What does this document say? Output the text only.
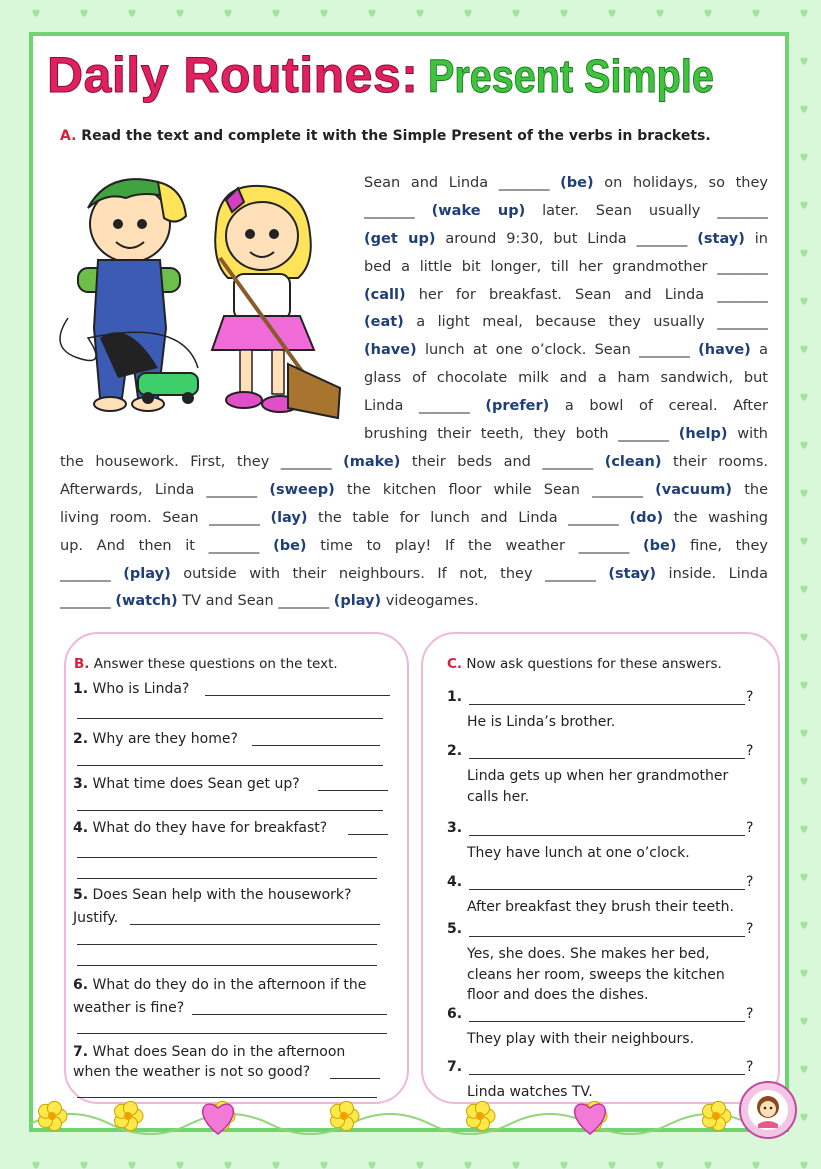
Daily Routines: Present Simple
A. Read the text and complete it with the Simple Present of the verbs in brackets.
Sean and Linda _______ (be) on holidays, so they
_______ (wake up) later. Sean usually _______
(get up) around 9:30, but Linda _______ (stay) in
bed a little bit longer, till her grandmother _______
(call) her for breakfast. Sean and Linda _______
(eat) a light meal, because they usually _______
(have) lunch at one o’clock. Sean _______ (have) a
glass of chocolate milk and a ham sandwich, but
Linda _______ (prefer) a bowl of cereal. After
brushing their teeth, they both _______ (help) with
the housework. First, they _______ (make) their beds and _______ (clean) their rooms.
Afterwards, Linda _______ (sweep) the kitchen floor while Sean _______ (vacuum) the
living room. Sean _______ (lay) the table for lunch and Linda _______ (do) the washing
up. And then it _______ (be) time to play! If the weather _______ (be) fine, they
_______ (play) outside with their neighbours. If not, they _______ (stay) inside. Linda
_______ (watch) TV and Sean _______ (play) videogames.
B. Answer these questions on the text.
1. Who is Linda?
2. Why are they home?
3. What time does Sean get up?
4. What do they have for breakfast?
5. Does Sean help with the housework?
Justify.
6. What do they do in the afternoon if the
weather is fine?
7. What does Sean do in the afternoon
when the weather is not so good?
C. Now ask questions for these answers.
1.	?
He is Linda’s brother.
2.	?
Linda gets up when her grandmother
calls her.
3.	?
They have lunch at one o’clock.
4.	?
After breakfast they brush their teeth.
5.	?
Yes, she does. She makes her bed,
cleans her room, sweeps the kitchen
floor and does the dishes.
6.	?
They play with their neighbours.
7.	?
Linda watches TV.
